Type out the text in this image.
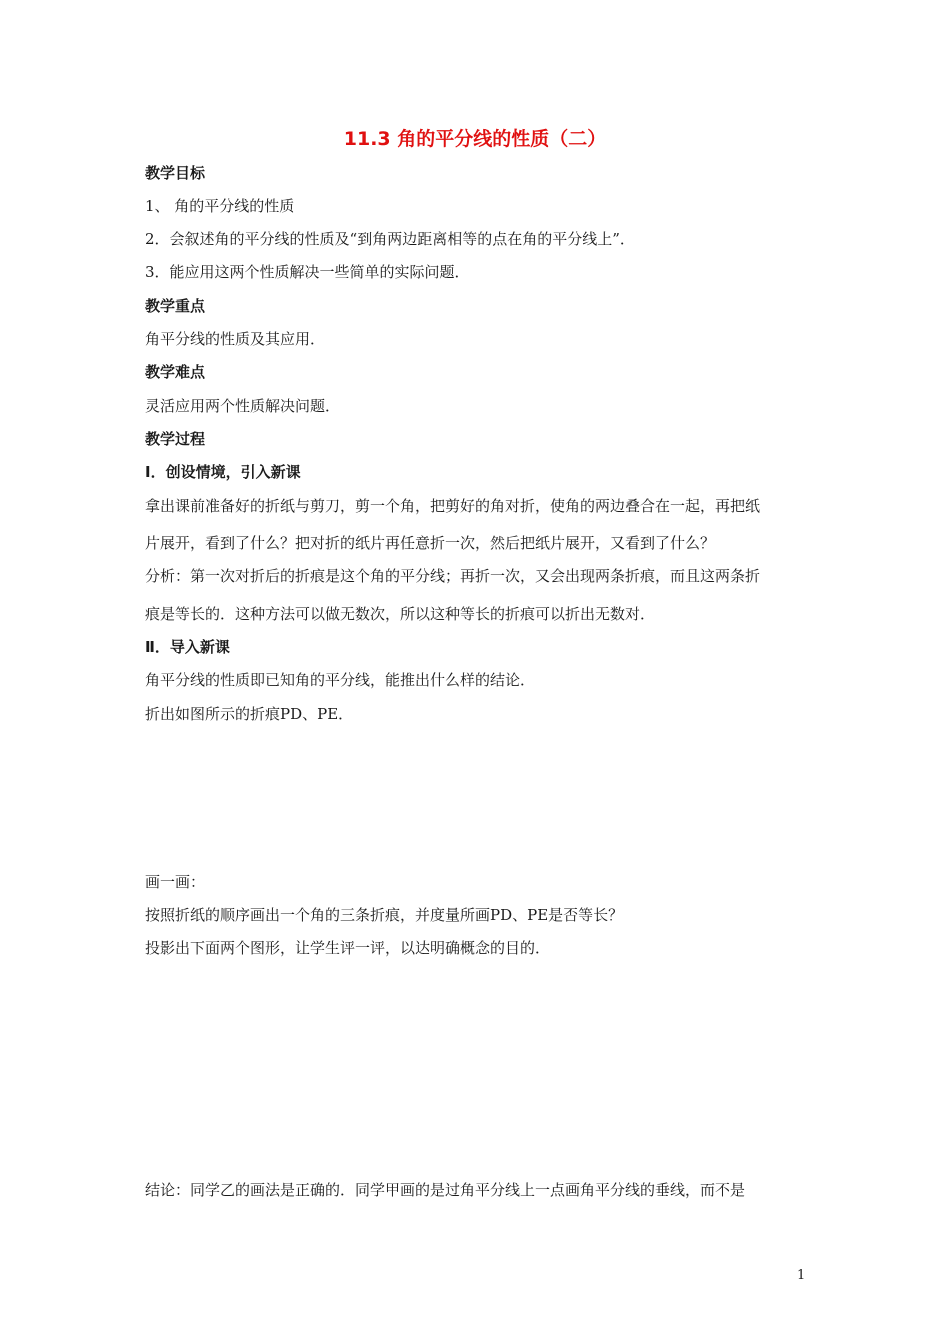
11.3 角的平分线的性质（二）
教学目标
1、 角的平分线的性质
2．会叙述角的平分线的性质及“到角两边距离相等的点在角的平分线上”．
3．能应用这两个性质解决一些简单的实际问题．
教学重点
角平分线的性质及其应用．
教学难点
灵活应用两个性质解决问题．
教学过程
Ⅰ．创设情境，引入新课
拿出课前准备好的折纸与剪刀，剪一个角，把剪好的角对折，使角的两边叠合在一起，再把纸
片展开，看到了什么？把对折的纸片再任意折一次，然后把纸片展开，又看到了什么？
分析：第一次对折后的折痕是这个角的平分线；再折一次，又会出现两条折痕，而且这两条折
痕是等长的．这种方法可以做无数次，所以这种等长的折痕可以折出无数对．
Ⅱ．导入新课
角平分线的性质即已知角的平分线，能推出什么样的结论．
折出如图所示的折痕PD、PE．
画一画：
按照折纸的顺序画出一个角的三条折痕，并度量所画PD、PE是否等长？
投影出下面两个图形，让学生评一评，以达明确概念的目的．
结论：同学乙的画法是正确的．同学甲画的是过角平分线上一点画角平分线的垂线，而不是
1
